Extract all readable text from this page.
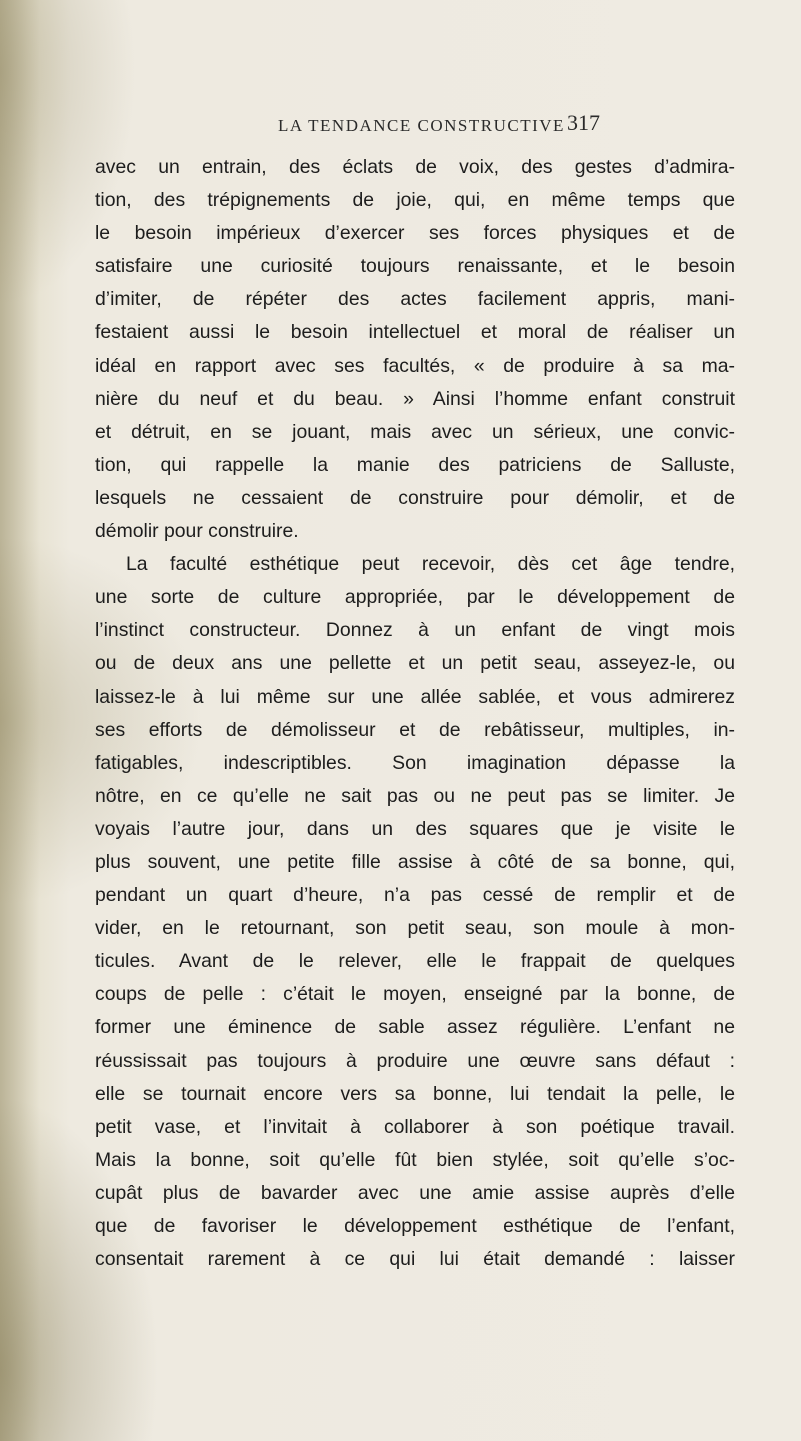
LA TENDANCE CONSTRUCTIVE 317
avec un entrain, des éclats de voix, des gestes d’admira-
tion, des trépignements de joie, qui, en même temps que
le besoin impérieux d’exercer ses forces physiques et de
satisfaire une curiosité toujours renaissante, et le besoin
d’imiter, de répéter des actes facilement appris, mani-
festaient aussi le besoin intellectuel et moral de réaliser un
idéal en rapport avec ses facultés, « de produire à sa ma-
nière du neuf et du beau. » Ainsi l’homme enfant construit
et détruit, en se jouant, mais avec un sérieux, une convic-
tion, qui rappelle la manie des patriciens de Salluste,
lesquels ne cessaient de construire pour démolir, et de
démolir pour construire.
La faculté esthétique peut recevoir, dès cet âge tendre,
une sorte de culture appropriée, par le développement de
l’instinct constructeur. Donnez à un enfant de vingt mois
ou de deux ans une pellette et un petit seau, asseyez-le, ou
laissez-le à lui même sur une allée sablée, et vous admirerez
ses efforts de démolisseur et de rebâtisseur, multiples, in-
fatigables, indescriptibles. Son imagination dépasse la
nôtre, en ce qu’elle ne sait pas ou ne peut pas se limiter. Je
voyais l’autre jour, dans un des squares que je visite le
plus souvent, une petite fille assise à côté de sa bonne, qui,
pendant un quart d’heure, n’a pas cessé de remplir et de
vider, en le retournant, son petit seau, son moule à mon-
ticules. Avant de le relever, elle le frappait de quelques
coups de pelle : c’était le moyen, enseigné par la bonne, de
former une éminence de sable assez régulière. L’enfant ne
réussissait pas toujours à produire une œuvre sans défaut :
elle se tournait encore vers sa bonne, lui tendait la pelle, le
petit vase, et l’invitait à collaborer à son poétique travail.
Mais la bonne, soit qu’elle fût bien stylée, soit qu’elle s’oc-
cupât plus de bavarder avec une amie assise auprès d’elle
que de favoriser le développement esthétique de l’enfant,
consentait rarement à ce qui lui était demandé : laisser
